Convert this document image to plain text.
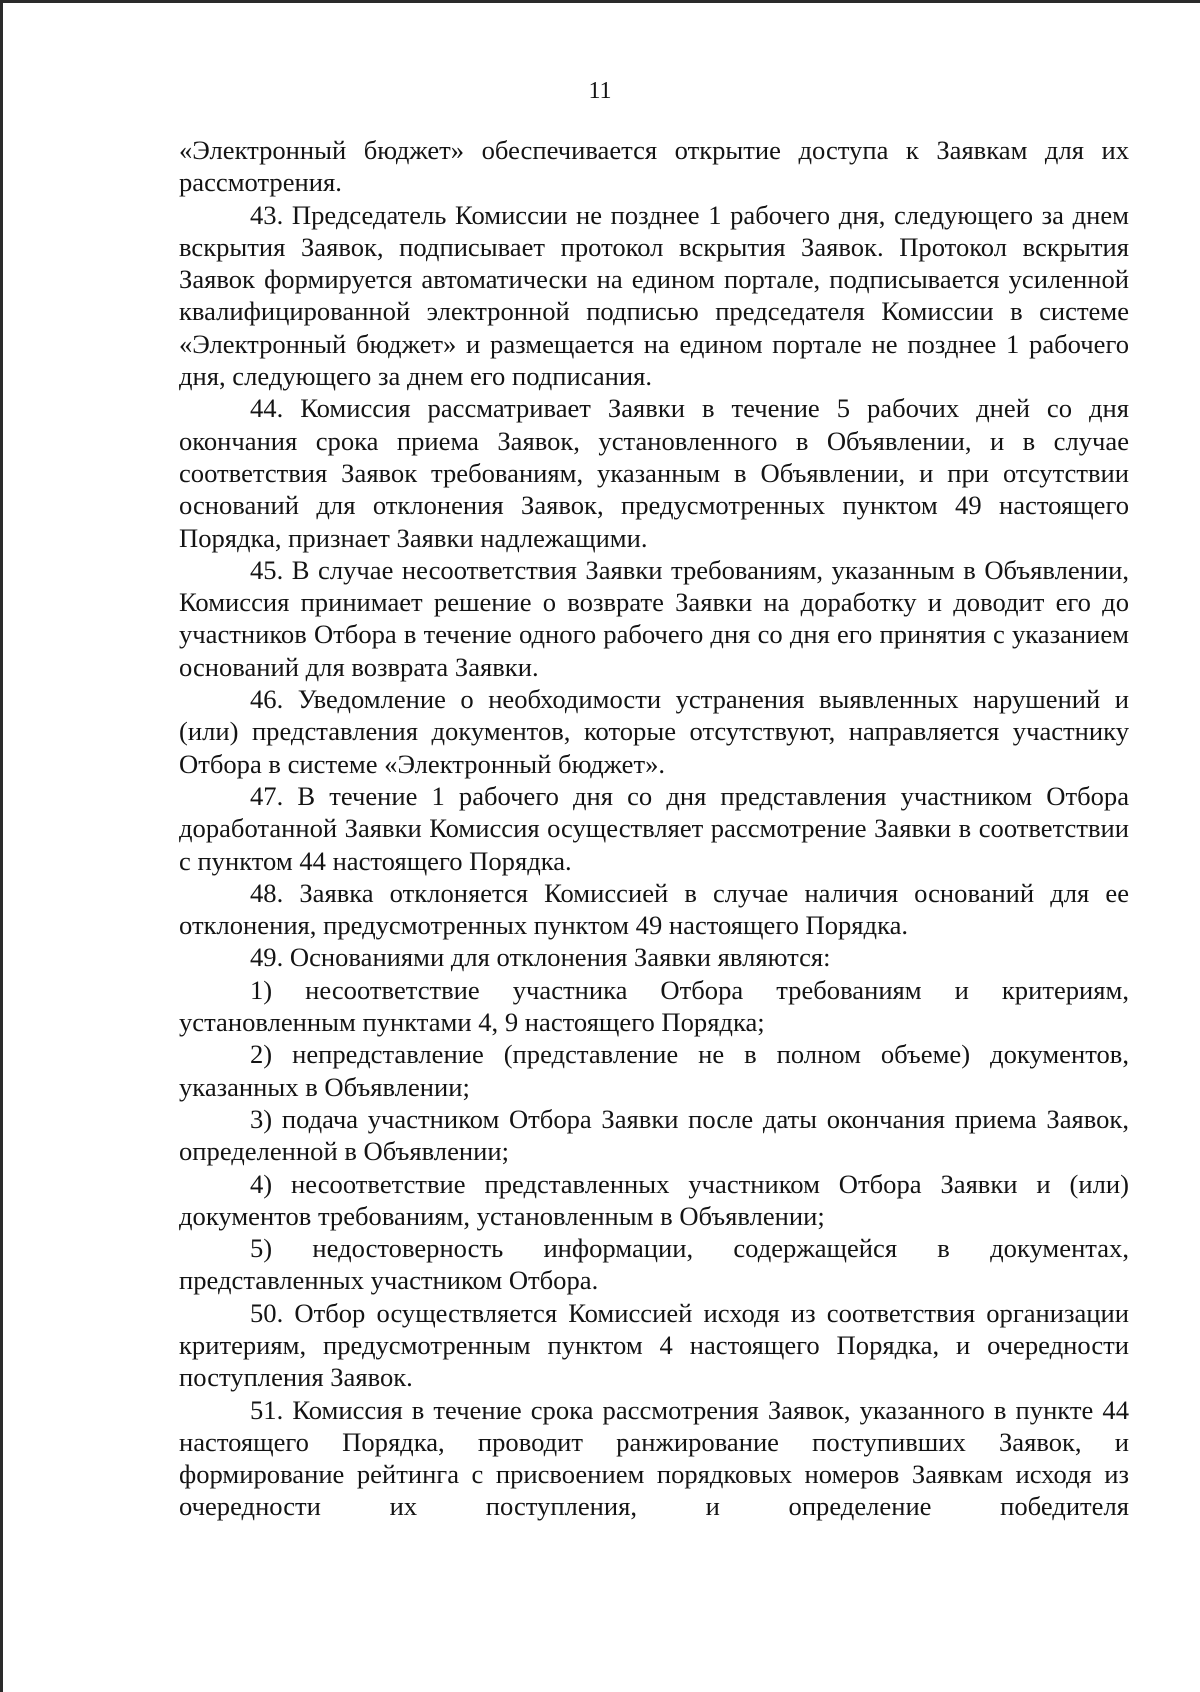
11

«Электронный бюджет» обеспечивается открытие доступа к Заявкам для их рассмотрения.

43. Председатель Комиссии не позднее 1 рабочего дня, следующего за днем вскрытия Заявок, подписывает протокол вскрытия Заявок. Протокол вскрытия Заявок формируется автоматически на едином портале, подписывается усиленной квалифицированной электронной подписью председателя Комиссии в системе «Электронный бюджет» и размещается на едином портале не позднее 1 рабочего дня, следующего за днем его подписания.

44. Комиссия рассматривает Заявки в течение 5 рабочих дней со дня окончания срока приема Заявок, установленного в Объявлении, и в случае соответствия Заявок требованиям, указанным в Объявлении, и при отсутствии оснований для отклонения Заявок, предусмотренных пунктом 49 настоящего Порядка, признает Заявки надлежащими.

45. В случае несоответствия Заявки требованиям, указанным в Объявлении, Комиссия принимает решение о возврате Заявки на доработку и доводит его до участников Отбора в течение одного рабочего дня со дня его принятия с указанием оснований для возврата Заявки.

46. Уведомление о необходимости устранения выявленных нарушений и (или) представления документов, которые отсутствуют, направляется участнику Отбора в системе «Электронный бюджет».

47. В течение 1 рабочего дня со дня представления участником Отбора доработанной Заявки Комиссия осуществляет рассмотрение Заявки в соответствии с пунктом 44 настоящего Порядка.

48. Заявка отклоняется Комиссией в случае наличия оснований для ее отклонения, предусмотренных пунктом 49 настоящего Порядка.

49. Основаниями для отклонения Заявки являются:

1) несоответствие участника Отбора требованиям и критериям, установленным пунктами 4, 9 настоящего Порядка;

2) непредставление (представление не в полном объеме) документов, указанных в Объявлении;

3) подача участником Отбора Заявки после даты окончания приема Заявок, определенной в Объявлении;

4) несоответствие представленных участником Отбора Заявки и (или) документов требованиям, установленным в Объявлении;

5) недостоверность информации, содержащейся в документах, представленных участником Отбора.

50. Отбор осуществляется Комиссией исходя из соответствия организации критериям, предусмотренным пунктом 4 настоящего Порядка, и очередности поступления Заявок.

51. Комиссия в течение срока рассмотрения Заявок, указанного в пункте 44 настоящего Порядка, проводит ранжирование поступивших Заявок, и формирование рейтинга с присвоением порядковых номеров Заявкам исходя из очередности их поступления, и определение победителя
